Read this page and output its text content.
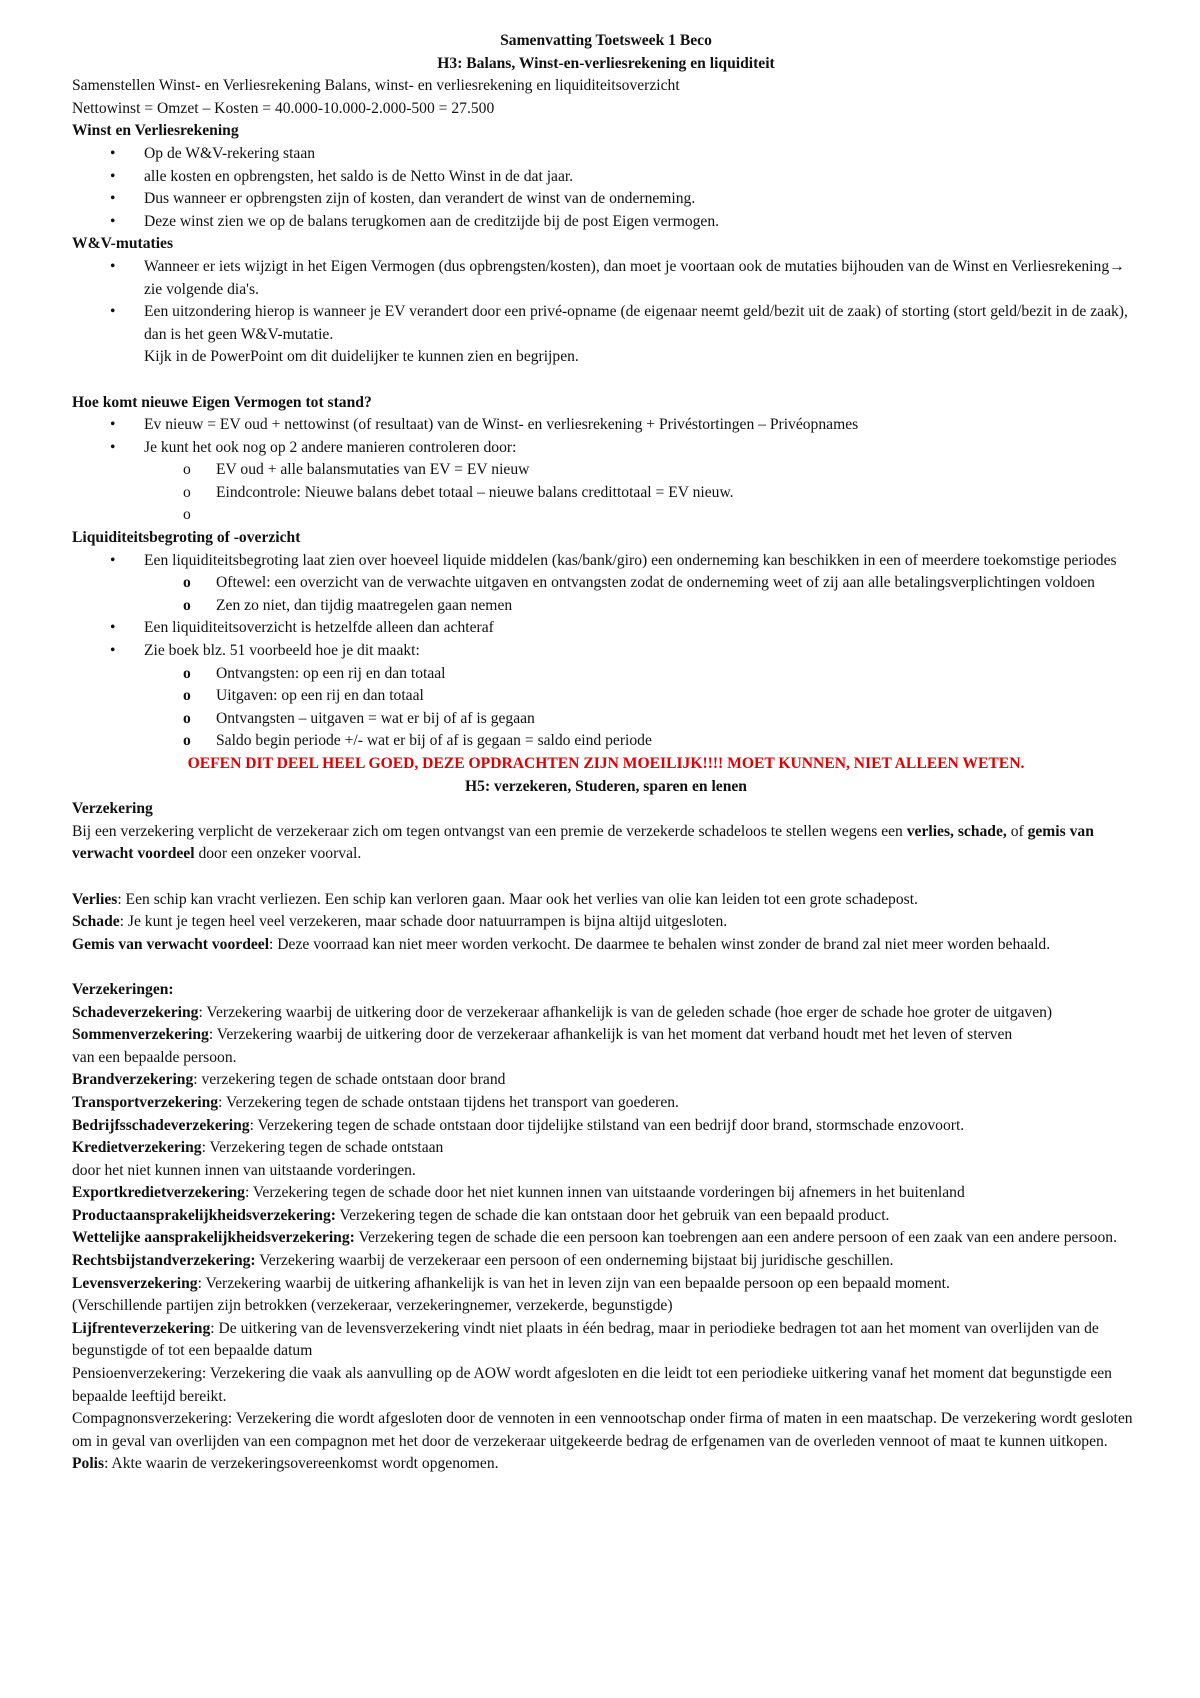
Samenvatting Toetsweek 1 Beco

H3: Balans, Winst-en-verliesrekening en liquiditeit

Samenstellen Winst- en Verliesrekening Balans, winst- en verliesrekening en liquiditeitsoverzicht

Nettowinst = Omzet – Kosten = 40.000-10.000-2.000-500 = 27.500

Winst en Verliesrekening

• Op de W&V-rekering staan
• alle kosten en opbrengsten, het saldo is de Netto Winst in de dat jaar.
• Dus wanneer er opbrengsten zijn of kosten, dan verandert de winst van de onderneming.
• Deze winst zien we op de balans terugkomen aan de creditzijde bij de post Eigen vermogen.

W&V-mutaties

• Wanneer er iets wijzigt in het Eigen Vermogen (dus opbrengsten/kosten), dan moet je voortaan ook de mutaties bijhouden van de Winst en Verliesrekening→ zie volgende dia's.
• Een uitzondering hierop is wanneer je EV verandert door een privé-opname (de eigenaar neemt geld/bezit uit de zaak) of storting (stort geld/bezit in de zaak), dan is het geen W&V-mutatie.

Kijk in de PowerPoint om dit duidelijker te kunnen zien en begrijpen.

Hoe komt nieuwe Eigen Vermogen tot stand?

• Ev nieuw = EV oud + nettowinst (of resultaat) van de Winst- en verliesrekening + Privéstortingen – Privéopnames
• Je kunt het ook nog op 2 andere manieren controleren door:
o EV oud + alle balansmutaties van EV = EV nieuw
o Eindcontrole: Nieuwe balans debet totaal – nieuwe balans credittotaal = EV nieuw.
o

Liquiditeitsbegroting of -overzicht

• Een liquiditeitsbegroting laat zien over hoeveel liquide middelen (kas/bank/giro) een onderneming kan beschikken in een of meerdere toekomstige periodes
o Oftewel: een overzicht van de verwachte uitgaven en ontvangsten zodat de onderneming weet of zij aan alle betalingsverplichtingen voldoen
o Zen zo niet, dan tijdig maatregelen gaan nemen
• Een liquiditeitsoverzicht is hetzelfde alleen dan achteraf
• Zie boek blz. 51 voorbeeld hoe je dit maakt:
o Ontvangsten: op een rij en dan totaal
o Uitgaven: op een rij en dan totaal
o Ontvangsten – uitgaven = wat er bij of af is gegaan
o Saldo begin periode +/- wat er bij of af is gegaan = saldo eind periode

OEFEN DIT DEEL HEEL GOED, DEZE OPDRACHTEN ZIJN MOEILIJK!!!! MOET KUNNEN, NIET ALLEEN WETEN.

H5: verzekeren, Studeren, sparen en lenen

Verzekering

Bij een verzekering verplicht de verzekeraar zich om tegen ontvangst van een premie de verzekerde schadeloos te stellen wegens een verlies, schade, of gemis van verwacht voordeel door een onzeker voorval.

Verlies: Een schip kan vracht verliezen. Een schip kan verloren gaan. Maar ook het verlies van olie kan leiden tot een grote schadepost.

Schade: Je kunt je tegen heel veel verzekeren, maar schade door natuurrampen is bijna altijd uitgesloten.

Gemis van verwacht voordeel: Deze voorraad kan niet meer worden verkocht. De daarmee te behalen winst zonder de brand zal niet meer worden behaald.

Verzekeringen:

Schadeverzekering: Verzekering waarbij de uitkering door de verzekeraar afhankelijk is van de geleden schade (hoe erger de schade hoe groter de uitgaven)

Sommenverzekering: Verzekering waarbij de uitkering door de verzekeraar afhankelijk is van het moment dat verband houdt met het leven of sterven

van een bepaalde persoon.

Brandverzekering: verzekering tegen de schade ontstaan door brand

Transportverzekering: Verzekering tegen de schade ontstaan tijdens het transport van goederen.

Bedrijfsschadeverzekering: Verzekering tegen de schade ontstaan door tijdelijke stilstand van een bedrijf door brand, stormschade enzovoort.

Kredietverzekering: Verzekering tegen de schade ontstaan

door het niet kunnen innen van uitstaande vorderingen.

Exportkredietverzekering: Verzekering tegen de schade door het niet kunnen innen van uitstaande vorderingen bij afnemers in het buitenland

Productaansprakelijkheidsverzekering: Verzekering tegen de schade die kan ontstaan door het gebruik van een bepaald product.

Wettelijke aansprakelijkheidsverzekering: Verzekering tegen de schade die een persoon kan toebrengen aan een andere persoon of een zaak van een andere persoon.

Rechtsbijstandverzekering: Verzekering waarbij de verzekeraar een persoon of een onderneming bijstaat bij juridische geschillen.

Levensverzekering: Verzekering waarbij de uitkering afhankelijk is van het in leven zijn van een bepaalde persoon op een bepaald moment.

(Verschillende partijen zijn betrokken (verzekeraar, verzekeringnemer, verzekerde, begunstigde)

Lijfrenteverzekering: De uitkering van de levensverzekering vindt niet plaats in één bedrag, maar in periodieke bedragen tot aan het moment van overlijden van de begunstigde of tot een bepaalde datum

Pensioenverzekering: Verzekering die vaak als aanvulling op de AOW wordt afgesloten en die leidt tot een periodieke uitkering vanaf het moment dat begunstigde een bepaalde leeftijd bereikt.

Compagnonsverzekering: Verzekering die wordt afgesloten door de vennoten in een vennootschap onder firma of maten in een maatschap. De verzekering wordt gesloten om in geval van overlijden van een compagnon met het door de verzekeraar uitgekeerde bedrag de erfgenamen van de overleden vennoot of maat te kunnen uitkopen.

Polis: Akte waarin de verzekeringsovereenkomst wordt opgenomen.
